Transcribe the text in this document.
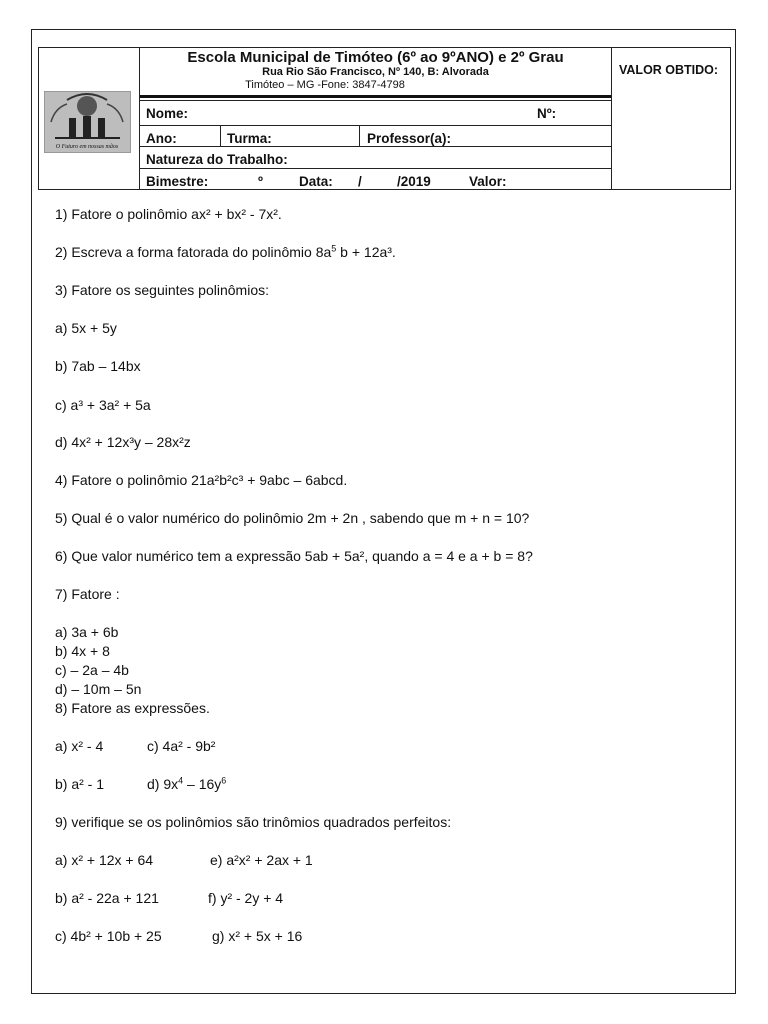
O Futuro em nossas mãos
Escola Municipal de Timóteo (6º ao 9ºANO) e 2º Grau
Rua Rio São Francisco, Nº 140, B: Alvorada
Timóteo – MG -Fone: 3847-4798
Nome:	Nº:
Ano:	Turma:	Professor(a):
Natureza do Trabalho:
Bimestre:	º	Data: /	/2019	Valor:
VALOR OBTIDO:
1) Fatore o polinômio ax² + bx² - 7x².
2) Escreva a forma fatorada do polinômio $8a^5$ b + 12a³.
3) Fatore os seguintes polinômios:
a) 5x + 5y
b) 7ab – 14bx
c) a³ + 3a² + 5a
d) 4x² + 12x³y – 28x²z
4) Fatore o polinômio 21a²b²c³ + 9abc – 6abcd.
5) Qual é o valor numérico do polinômio 2m + 2n , sabendo que m + n = 10?
6) Que valor numérico tem a expressão 5ab + 5a², quando a = 4 e a + b = 8?
7) Fatore :
a) 3a + 6b
b) 4x + 8
c) – 2a – 4b
d) – 10m – 5n
8) Fatore as expressões.
a) x² - 4	c) 4a² - 9b²
b) a² - 1	d) $9x^4 - 16y^6$
9) verifique se os polinômios são trinômios quadrados perfeitos:
a) x² + 12x + 64	e) a²x² + 2ax + 1
b) a² - 22a + 121	f) y² - 2y + 4
c) 4b² + 10b + 25	g) x² + 5x + 16
